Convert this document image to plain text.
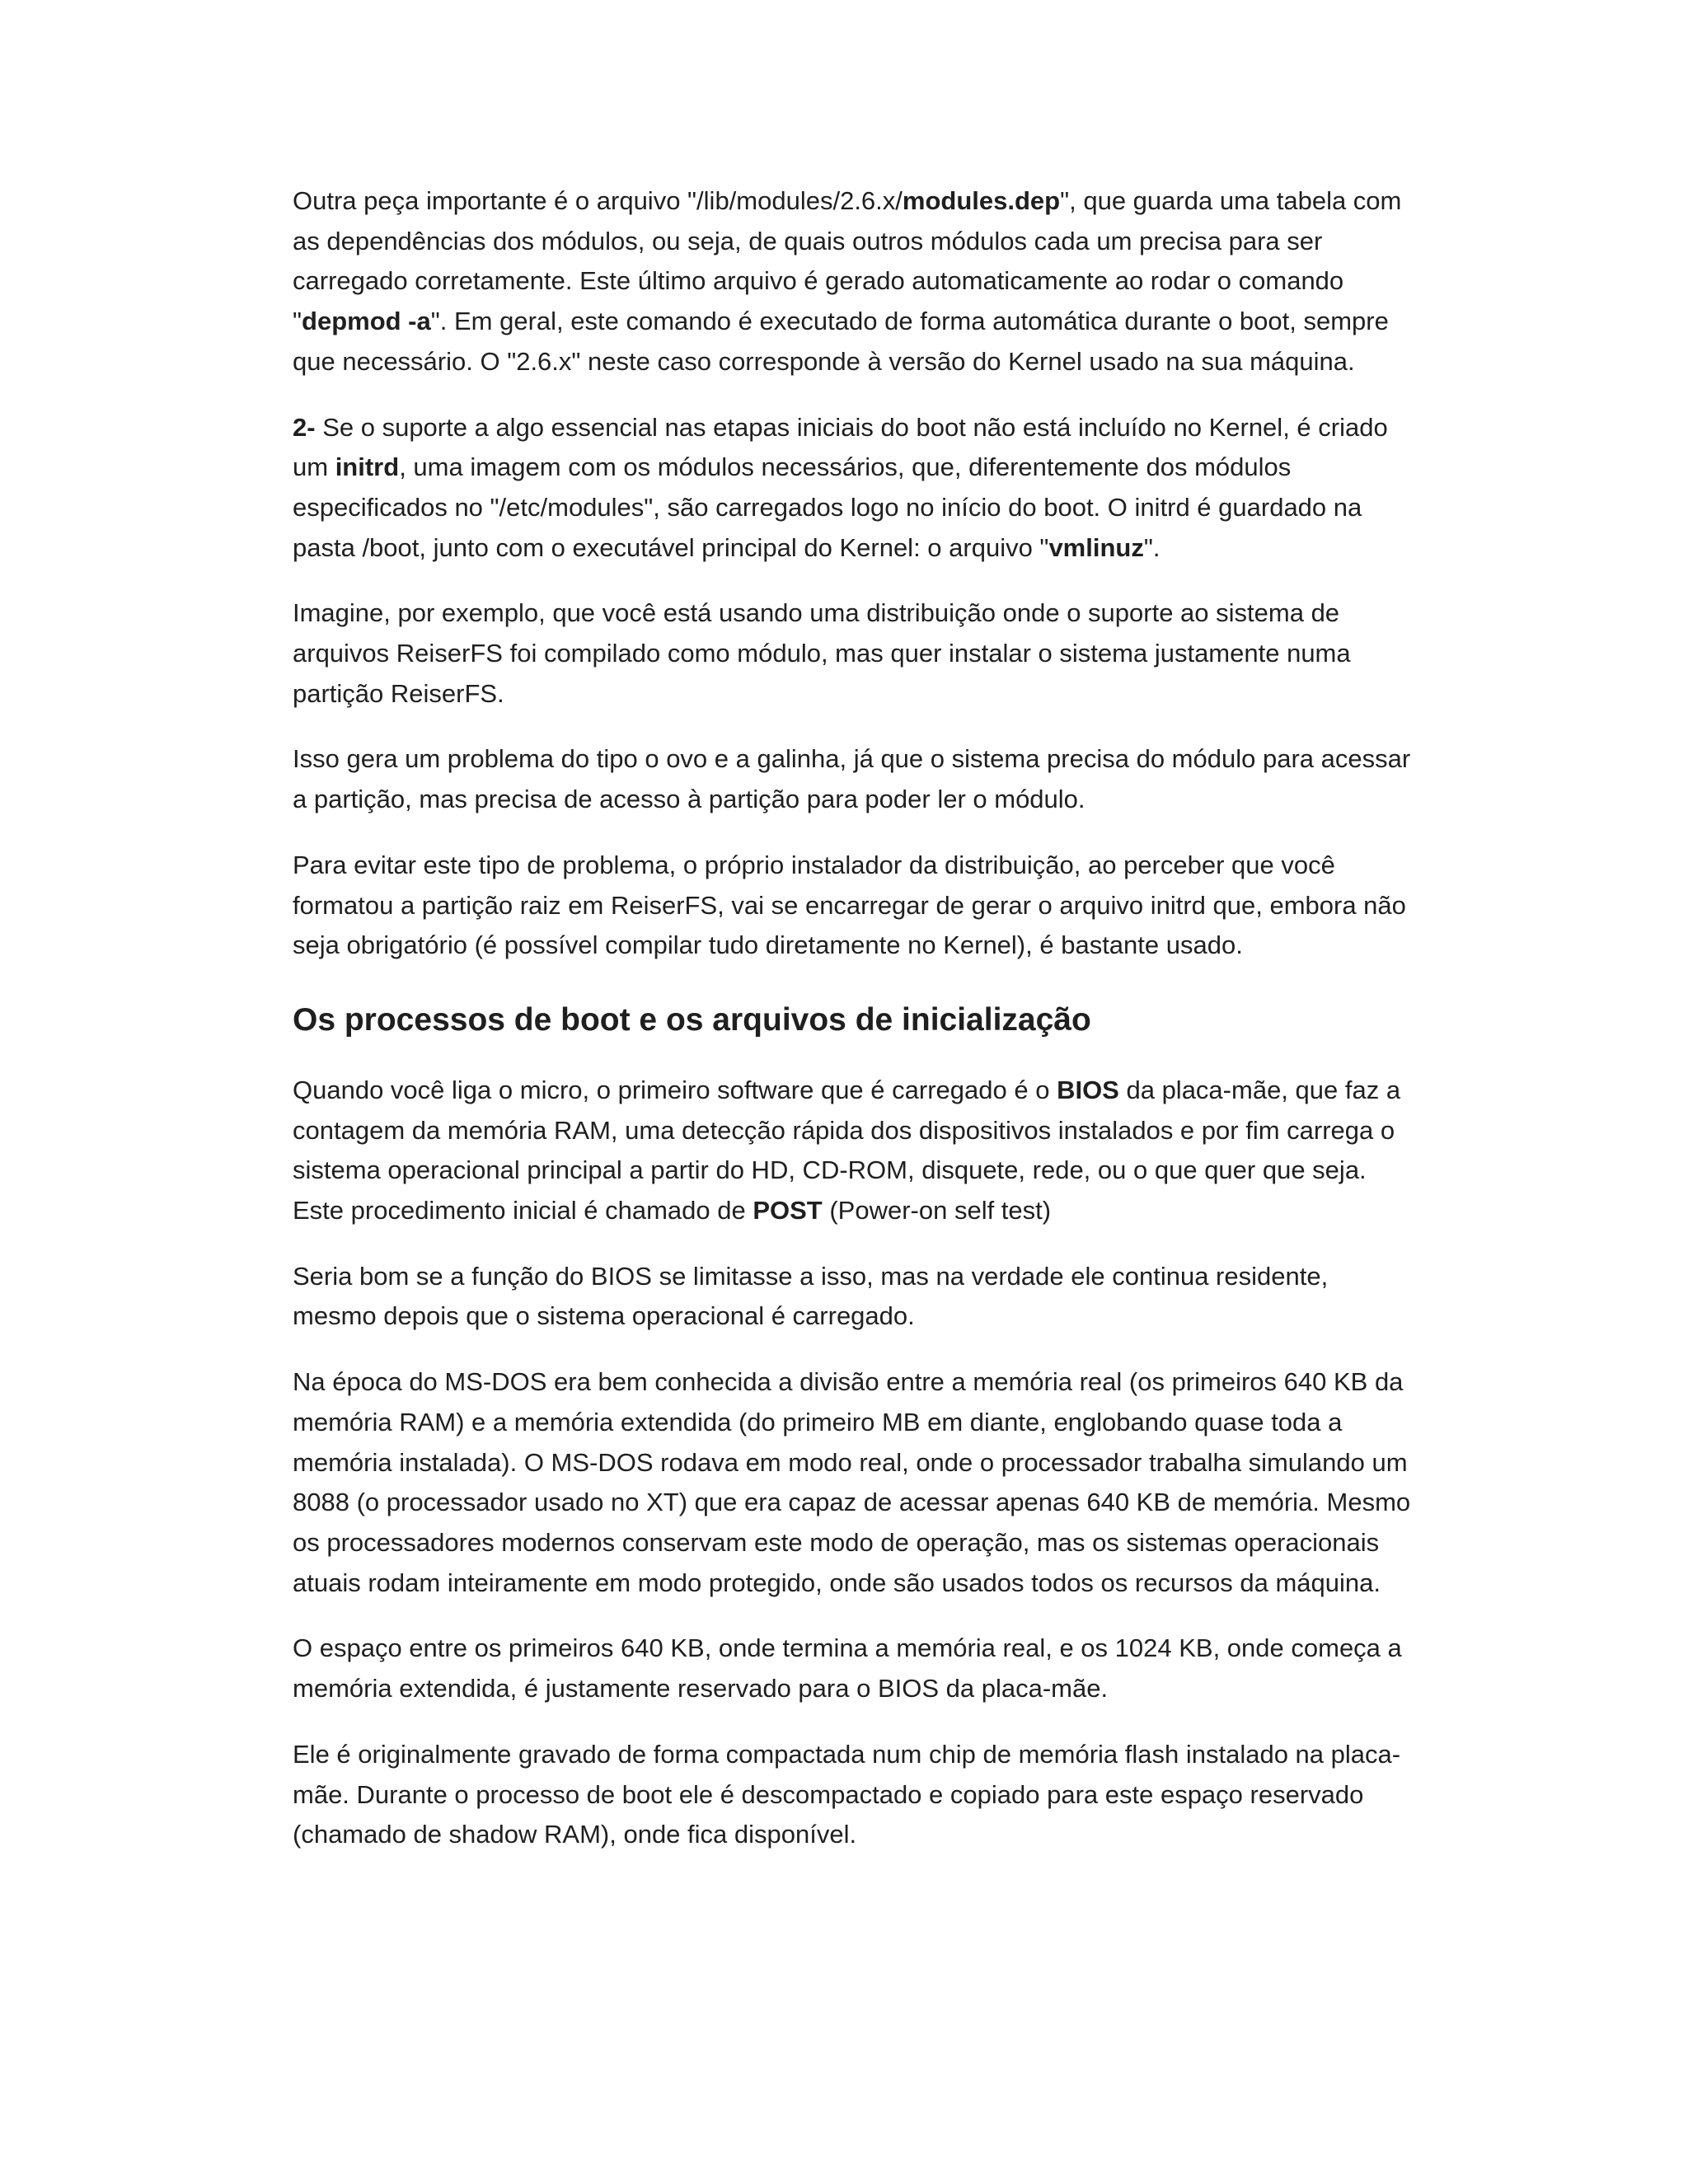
Outra peça importante é o arquivo "/lib/modules/2.6.x/modules.dep", que guarda uma tabela com as dependências dos módulos, ou seja, de quais outros módulos cada um precisa para ser carregado corretamente. Este último arquivo é gerado automaticamente ao rodar o comando "depmod -a". Em geral, este comando é executado de forma automática durante o boot, sempre que necessário. O "2.6.x" neste caso corresponde à versão do Kernel usado na sua máquina.

2- Se o suporte a algo essencial nas etapas iniciais do boot não está incluído no Kernel, é criado um initrd, uma imagem com os módulos necessários, que, diferentemente dos módulos especificados no "/etc/modules", são carregados logo no início do boot. O initrd é guardado na pasta /boot, junto com o executável principal do Kernel: o arquivo "vmlinuz".

Imagine, por exemplo, que você está usando uma distribuição onde o suporte ao sistema de arquivos ReiserFS foi compilado como módulo, mas quer instalar o sistema justamente numa partição ReiserFS.

Isso gera um problema do tipo o ovo e a galinha, já que o sistema precisa do módulo para acessar a partição, mas precisa de acesso à partição para poder ler o módulo.

Para evitar este tipo de problema, o próprio instalador da distribuição, ao perceber que você formatou a partição raiz em ReiserFS, vai se encarregar de gerar o arquivo initrd que, embora não seja obrigatório (é possível compilar tudo diretamente no Kernel), é bastante usado.

Os processos de boot e os arquivos de inicialização

Quando você liga o micro, o primeiro software que é carregado é o BIOS da placa-mãe, que faz a contagem da memória RAM, uma detecção rápida dos dispositivos instalados e por fim carrega o sistema operacional principal a partir do HD, CD-ROM, disquete, rede, ou o que quer que seja. Este procedimento inicial é chamado de POST (Power-on self test)

Seria bom se a função do BIOS se limitasse a isso, mas na verdade ele continua residente, mesmo depois que o sistema operacional é carregado.

Na época do MS-DOS era bem conhecida a divisão entre a memória real (os primeiros 640 KB da memória RAM) e a memória extendida (do primeiro MB em diante, englobando quase toda a memória instalada). O MS-DOS rodava em modo real, onde o processador trabalha simulando um 8088 (o processador usado no XT) que era capaz de acessar apenas 640 KB de memória. Mesmo os processadores modernos conservam este modo de operação, mas os sistemas operacionais atuais rodam inteiramente em modo protegido, onde são usados todos os recursos da máquina.

O espaço entre os primeiros 640 KB, onde termina a memória real, e os 1024 KB, onde começa a memória extendida, é justamente reservado para o BIOS da placa-mãe.

Ele é originalmente gravado de forma compactada num chip de memória flash instalado na placa-mãe. Durante o processo de boot ele é descompactado e copiado para este espaço reservado (chamado de shadow RAM), onde fica disponível.
